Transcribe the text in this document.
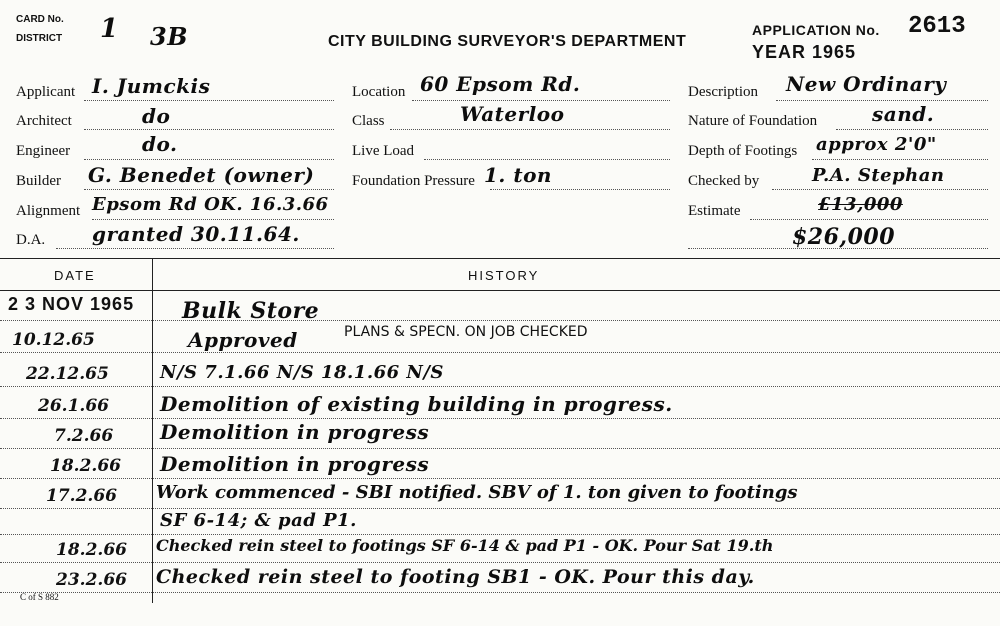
CARD No.
DISTRICT 1 3B	CITY BUILDING SURVEYOR'S DEPARTMENT
APPLICATION No. 2613
YEAR 1965
Applicant I. Jumckis
Architect	do
Engineer	do.
Builder G. Benedet (owner)
Alignment Epsom Rd OK. 16.3.66
D.A. granted 30.11.64.
Location 60 Epsom Rd.
Class	Waterloo
Live Load
Foundation Pressure 1. ton
Description New Ordinary
Nature of Foundation	sand.
Depth of Footings approx 2'0"
Checked by	P.A. Stephan
Estimate	£13,000
$26,000
DATE	HISTORY
2 3 NOV 1965 Bulk Store
10.12.65	Approved	PLANS & SPECN. ON JOB CHECKED
22.12.65	N/S 7.1.66 N/S 18.1.66 N/S
26.1.66	Demolition of existing building in progress.
7.2.66 Demolition in progress
18.2.66 Demolition in progress
17.2.66 Work commenced - SBI notified. SBV of 1. ton given to footings
SF 6-14; & pad P1.
18.2.66 Checked rein steel to footings SF 6-14 & pad P1 - OK. Pour Sat 19.th
23.2.66 Checked rein steel to footing SB1 - OK. Pour this day.
C of S 882
